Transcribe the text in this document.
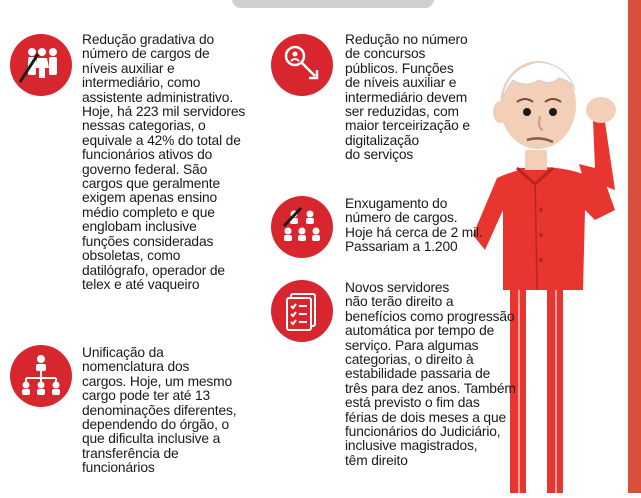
Redução gradativa do
número de cargos de
níveis auxiliar e
intermediário, como
assistente administrativo.
Hoje, há 223 mil servidores
nessas categorias, o
equivale a 42% do total de
funcionários ativos do
governo federal. São
cargos que geralmente
exigem apenas ensino
médio completo e que
englobam inclusive
funções consideradas
obsoletas, como
datilógrafo, operador de
telex e até vaqueiro
Unificação da
nomenclatura dos
cargos. Hoje, um mesmo
cargo pode ter até 13
denominações diferentes,
dependendo do órgão, o
que dificulta inclusive a
transferência de
funcionários
Redução no número
de concursos
públicos. Funções
de níveis auxiliar e
intermediário devem
ser reduzidas, com
maior terceirização e
digitalização
do serviços
Enxugamento do
número de cargos.
Hoje há cerca de 2 mil.
Passariam a 1.200
Novos servidores
não terão direito a
benefícios como progressão
automática por tempo de
serviço. Para algumas
categorias, o direito à
estabilidade passaria de
três para dez anos. Também
está previsto o fim das
férias de dois meses a que
funcionários do Judiciário,
inclusive magistrados,
têm direito
